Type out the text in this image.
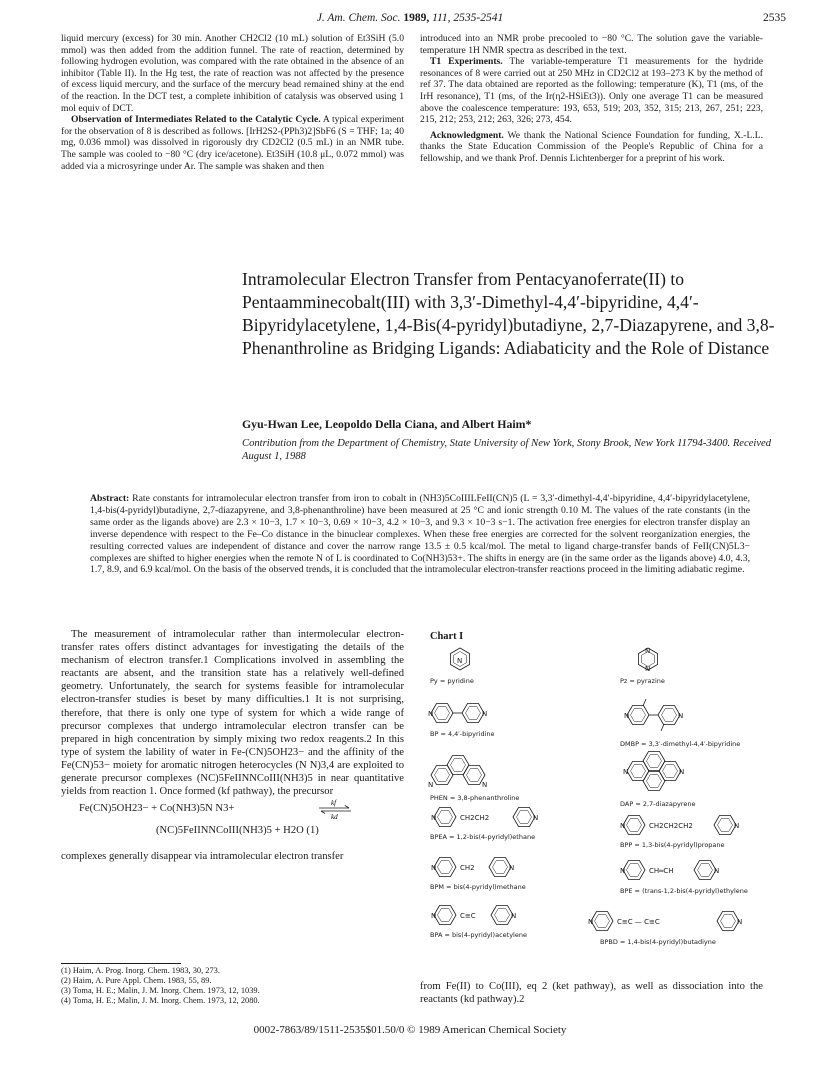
J. Am. Chem. Soc. 1989, 111, 2535-2541	2535

liquid mercury (excess) for 30 min. Another CH2Cl2 (10 mL) solution of Et3SiH (5.0 mmol) was then added from the addition funnel. The rate of reaction, determined by following hydrogen evolution, was compared with the rate obtained in the absence of an inhibitor (Table II). In the Hg test, the rate of reaction was not affected by the presence of excess liquid mercury, and the surface of the mercury bead remained shiny at the end of the reaction. In the DCT test, a complete inhibition of catalysis was observed using 1 mol equiv of DCT.

Observation of Intermediates Related to the Catalytic Cycle. A typical experiment for the observation of 8 is described as follows. [IrH2S2-(PPh3)2]SbF6 (S = THF; 1a; 40 mg, 0.036 mmol) was dissolved in rigorously dry CD2Cl2 (0.5 mL) in an NMR tube. The sample was cooled to −80 °C (dry ice/acetone). Et3SiH (10.8 μL, 0.072 mmol) was added via a microsyringe under Ar. The sample was shaken and then

introduced into an NMR probe precooled to −80 °C. The solution gave the variable-temperature 1H NMR spectra as described in the text.

T1 Experiments. The variable-temperature T1 measurements for the hydride resonances of 8 were carried out at 250 MHz in CD2Cl2 at 193–273 K by the method of ref 37. The data obtained are reported as the following: temperature (K), T1 (ms, of the IrH resonance), T1 (ms, of the Ir(η2-HSiEt3)). Only one average T1 can be measured above the coalescence temperature: 193, 653, 519; 203, 352, 315; 213, 267, 251; 223, 215, 212; 253, 212; 263, 326; 273, 454.

Acknowledgment. We thank the National Science Foundation for funding, X.-L.L. thanks the State Education Commission of the People's Republic of China for a fellowship, and we thank Prof. Dennis Lichtenberger for a preprint of his work.

Intramolecular Electron Transfer from Pentacyanoferrate(II) to Pentaamminecobalt(III) with 3,3′-Dimethyl-4,4′-bipyridine, 4,4′-Bipyridylacetylene, 1,4-Bis(4-pyridyl)butadiyne, 2,7-Diazapyrene, and 3,8-Phenanthroline as Bridging Ligands: Adiabaticity and the Role of Distance
Gyu-Hwan Lee, Leopoldo Della Ciana, and Albert Haim*
Contribution from the Department of Chemistry, State University of New York, Stony Brook, New York 11794-3400. Received August 1, 1988
Abstract: Rate constants for intramolecular electron transfer from iron to cobalt in (NH3)5CoIIILFeII(CN)5 (L = 3,3′-dimethyl-4,4′-bipyridine, 4,4′-bipyridylacetylene, 1,4-bis(4-pyridyl)butadiyne, 2,7-diazapyrene, and 3,8-phenanthroline) have been measured at 25 °C and ionic strength 0.10 M. The values of the rate constants (in the same order as the ligands above) are 2.3 × 10−3, 1.7 × 10−3, 0.69 × 10−3, 4.2 × 10−3, and 9.3 × 10−3 s−1. The activation free energies for electron transfer display an inverse dependence with respect to the Fe–Co distance in the binuclear complexes. When these free energies are corrected for the solvent reorganization energies, the resulting corrected values are independent of distance and cover the narrow range 13.5 ± 0.5 kcal/mol. The metal to ligand charge-transfer bands of FeII(CN)5L3− complexes are shifted to higher energies when the remote N of L is coordinated to Co(NH3)53+. The shifts in energy are (in the same order as the ligands above) 4.0, 4.3, 1.7, 8.9, and 6.9 kcal/mol. On the basis of the observed trends, it is concluded that the intramolecular electron-transfer reactions proceed in the limiting adiabatic regime.

The measurement of intramolecular rather than intermolecular electron-transfer rates offers distinct advantages for investigating the details of the mechanism of electron transfer.1 Complications involved in assembling the reactants are absent, and the transition state has a relatively well-defined geometry. Unfortunately, the search for systems feasible for intramolecular electron-transfer studies is beset by many difficulties.1 It is not surprising, therefore, that there is only one type of system for which a wide range of precursor complexes that undergo intramolecular electron transfer can be prepared in high concentration by simply mixing two redox reagents.2 In this type of system the lability of water in Fe-(CN)5OH23− and the affinity of the Fe(CN)53− moiety for aromatic nitrogen heterocycles (N N)3,4 are exploited to generate precursor complexes (NC)5FeIINNCoIII(NH3)5 in near quantitative yields from reaction 1. Once formed (kf pathway), the precursor

Fe(CN)5OH23− + Co(NH3)5N N3+	kf
kd
(NC)5FeIINNCoIII(NH3)5 + H2O (1)

complexes generally disappear via intramolecular electron transfer

Chart I
N
N
N
N	N	N	N
N	N
N	N
N	CH2CH2	N
N	CH2CH2CH2	N
N	CH2	N	N	CH═CH	N
N	C≡C	N
N	C≡C — C≡C	N
Py = pyridine	Pz = pyrazine
BP = 4,4′-bipyridine
DMBP = 3,3′-dimethyl-4,4′-bipyridine
PHEN = 3,8-phenanthroline
DAP = 2,7-diazapyrene
BPEA = 1,2-bis(4-pyridyl)ethane
BPP = 1,3-bis(4-pyridyl)propane
BPM = bis(4-pyridyl)methane	BPE = (trans-1,2-bis(4-pyridyl)ethylene
BPA = bis(4-pyridyl)acetylene
BPBD = 1,4-bis(4-pyridyl)butadiyne
(1) Haim, A. Prog. Inorg. Chem. 1983, 30, 273.
(2) Haim, A. Pure Appl. Chem. 1983, 55, 89.
(3) Toma, H. E.; Malin, J. M. Inorg. Chem. 1973, 12, 1039.
(4) Toma, H. E.; Malin, J. M. Inorg. Chem. 1973, 12, 2080.
from Fe(II) to Co(III), eq 2 (ket pathway), as well as dissociation into the reactants (kd pathway).2
0002-7863/89/1511-2535$01.50/0 © 1989 American Chemical Society
